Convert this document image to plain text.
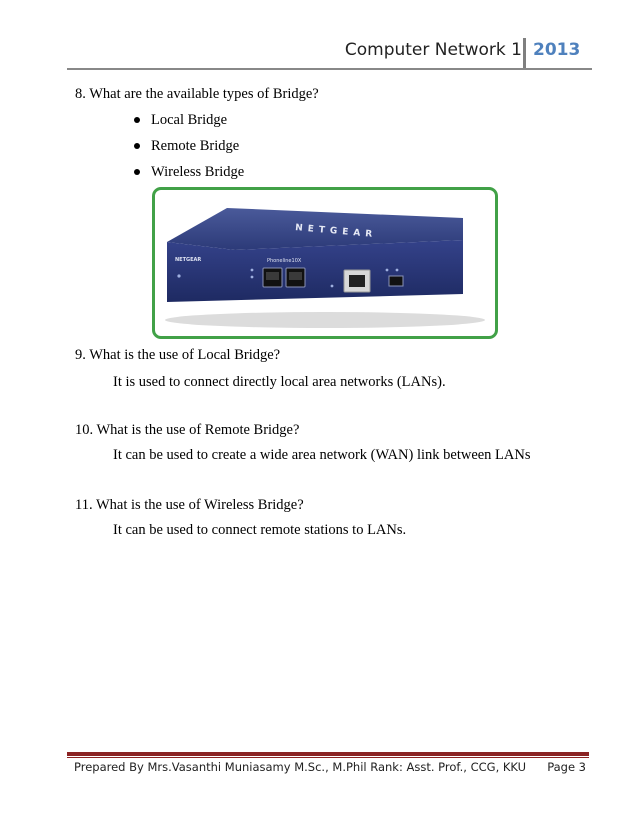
Computer Network 1 2013
8. What are the available types of Bridge?
Local Bridge
Remote Bridge
Wireless Bridge
NETGEAR
NETGEAR	Phoneline10X
9. What is the use of Local Bridge?
It is used to connect directly local area networks (LANs).
10. What is the use of Remote Bridge?
It can be used to create a wide area network (WAN) link between LANs
11. What is the use of Wireless Bridge?
It can be used to connect remote stations to LANs.
Prepared By Mrs.Vasanthi Muniasamy M.Sc., M.Phil Rank: Asst. Prof., CCG, KKU Page 3
